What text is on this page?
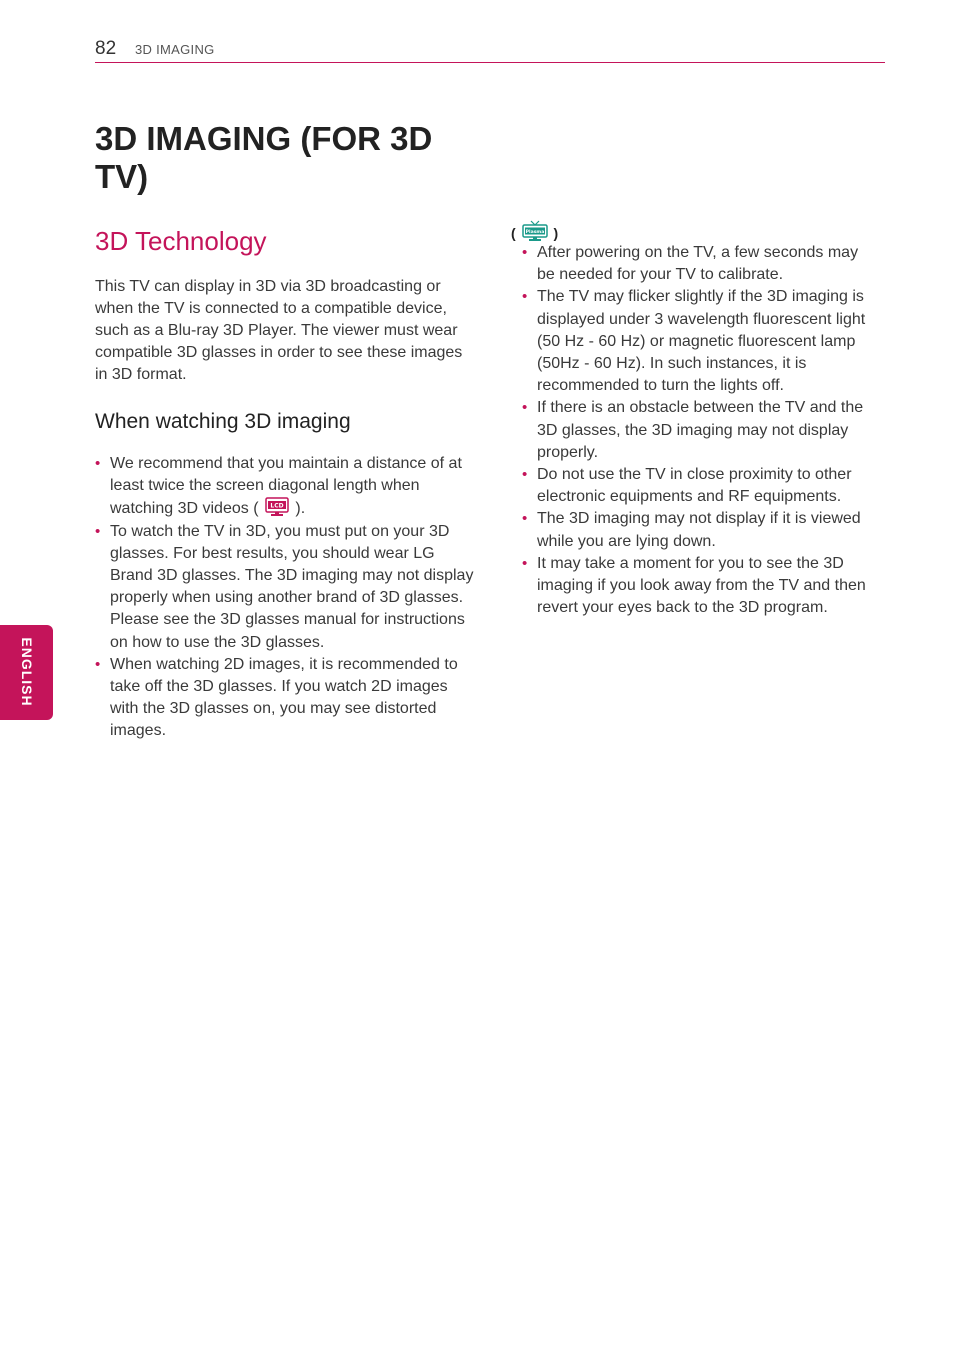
82 3D IMAGING
3D IMAGING (FOR 3D TV)
3D Technology

This TV can display in 3D via 3D broadcasting or when the TV is connected to a compatible device, such as a Blu-ray 3D Player. The viewer must wear compatible 3D glasses in order to see these images in 3D format.

When watching 3D imaging
• We recommend that you maintain a distance of at least twice the screen diagonal length when watching 3D videos ( LCD ).
• To watch the TV in 3D, you must put on your 3D glasses. For best results, you should wear LG Brand 3D glasses. The 3D imaging may not display properly when using another brand of 3D glasses. Please see the 3D glasses manual for instructions on how to use the 3D glasses.
• When watching 2D images, it is recommended to take off the 3D glasses. If you watch 2D images with the 3D glasses on, you may see distorted images.
( Plasma )
• After powering on the TV, a few seconds may be needed for your TV to calibrate.
• The TV may flicker slightly if the 3D imaging is displayed under 3 wavelength fluorescent light (50 Hz - 60 Hz) or magnetic fluorescent lamp (50Hz - 60 Hz). In such instances, it is recommended to turn the lights off.
• If there is an obstacle between the TV and the 3D glasses, the 3D imaging may not display properly.
• Do not use the TV in close proximity to other electronic equipments and RF equipments.
• The 3D imaging may not display if it is viewed while you are lying down.
• It may take a moment for you to see the 3D imaging if you look away from the TV and then revert your eyes back to the 3D program.
ENGLISH
